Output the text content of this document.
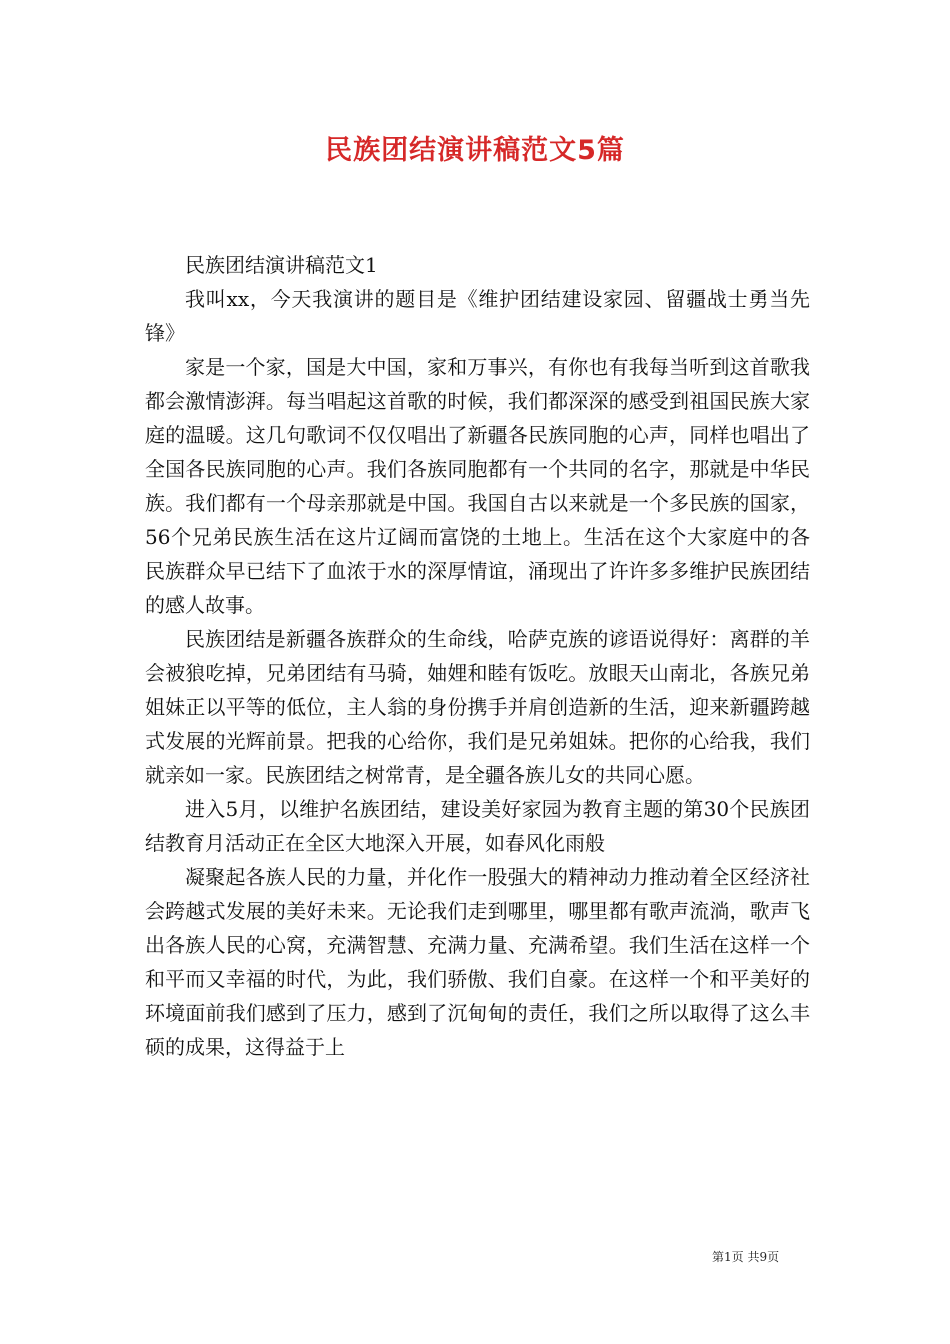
民族团结演讲稿范文5篇

民族团结演讲稿范文1

我叫xx，今天我演讲的题目是《维护团结建设家园、留疆战士勇当先锋》

家是一个家，国是大中国，家和万事兴，有你也有我每当听到这首歌我都会激情澎湃。每当唱起这首歌的时候，我们都深深的感受到祖国民族大家庭的温暖。这几句歌词不仅仅唱出了新疆各民族同胞的心声，同样也唱出了全国各民族同胞的心声。我们各族同胞都有一个共同的名字，那就是中华民族。我们都有一个母亲那就是中国。我国自古以来就是一个多民族的国家，56个兄弟民族生活在这片辽阔而富饶的土地上。生活在这个大家庭中的各民族群众早已结下了血浓于水的深厚情谊，涌现出了许许多多维护民族团结的感人故事。

民族团结是新疆各族群众的生命线，哈萨克族的谚语说得好：离群的羊会被狼吃掉，兄弟团结有马骑，妯娌和睦有饭吃。放眼天山南北，各族兄弟姐妹正以平等的低位，主人翁的身份携手并肩创造新的生活，迎来新疆跨越式发展的光辉前景。把我的心给你，我们是兄弟姐妹。把你的心给我，我们就亲如一家。民族团结之树常青，是全疆各族儿女的共同心愿。

进入5月，以维护名族团结，建设美好家园为教育主题的第30个民族团结教育月活动正在全区大地深入开展，如春风化雨般

凝聚起各族人民的力量，并化作一股强大的精神动力推动着全区经济社会跨越式发展的美好未来。无论我们走到哪里，哪里都有歌声流淌，歌声飞出各族人民的心窝，充满智慧、充满力量、充满希望。我们生活在这样一个和平而又幸福的时代，为此，我们骄傲、我们自豪。在这样一个和平美好的环境面前我们感到了压力，感到了沉甸甸的责任，我们之所以取得了这么丰硕的成果，这得益于上

第1页 共9页
